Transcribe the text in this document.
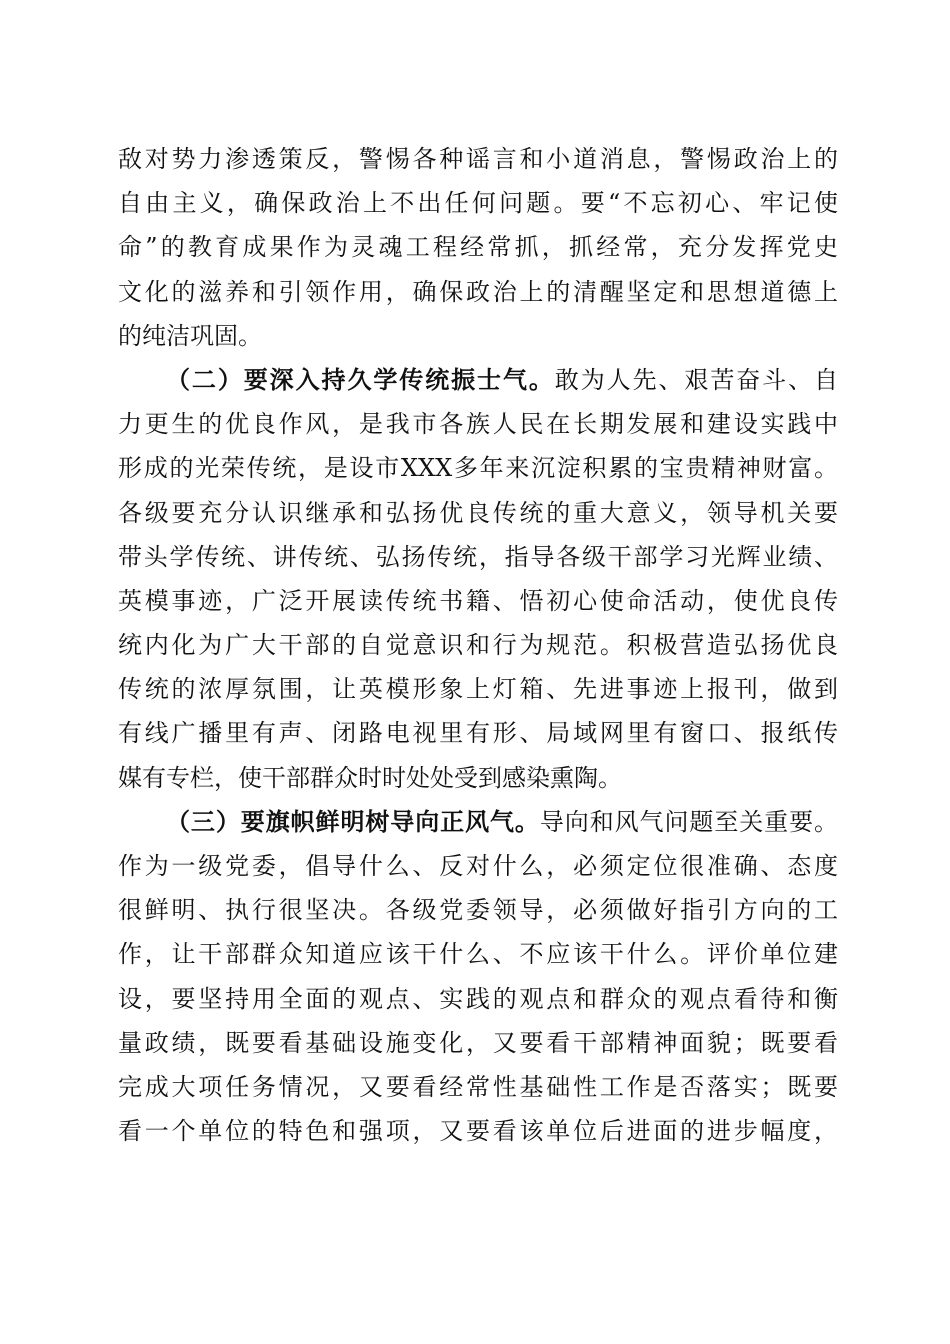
敌对势力渗透策反，警惕各种谣言和小道消息，警惕政治上的
自由主义，确保政治上不出任何问题。要“不忘初心、牢记使
命”的教育成果作为灵魂工程经常抓，抓经常，充分发挥党史
文化的滋养和引领作用，确保政治上的清醒坚定和思想道德上
的纯洁巩固。
（二）要深入持久学传统振士气。敢为人先、艰苦奋斗、自
力更生的优良作风，是我市各族人民在长期发展和建设实践中
形成的光荣传统，是设市XXX多年来沉淀积累的宝贵精神财富。
各级要充分认识继承和弘扬优良传统的重大意义，领导机关要
带头学传统、讲传统、弘扬传统，指导各级干部学习光辉业绩、
英模事迹，广泛开展读传统书籍、悟初心使命活动，使优良传
统内化为广大干部的自觉意识和行为规范。积极营造弘扬优良
传统的浓厚氛围，让英模形象上灯箱、先进事迹上报刊，做到
有线广播里有声、闭路电视里有形、局域网里有窗口、报纸传
媒有专栏，使干部群众时时处处受到感染熏陶。
（三）要旗帜鲜明树导向正风气。导向和风气问题至关重要。
作为一级党委，倡导什么、反对什么，必须定位很准确、态度
很鲜明、执行很坚决。各级党委领导，必须做好指引方向的工
作，让干部群众知道应该干什么、不应该干什么。评价单位建
设，要坚持用全面的观点、实践的观点和群众的观点看待和衡
量政绩，既要看基础设施变化，又要看干部精神面貌；既要看
完成大项任务情况，又要看经常性基础性工作是否落实；既要
看一个单位的特色和强项，又要看该单位后进面的进步幅度，
